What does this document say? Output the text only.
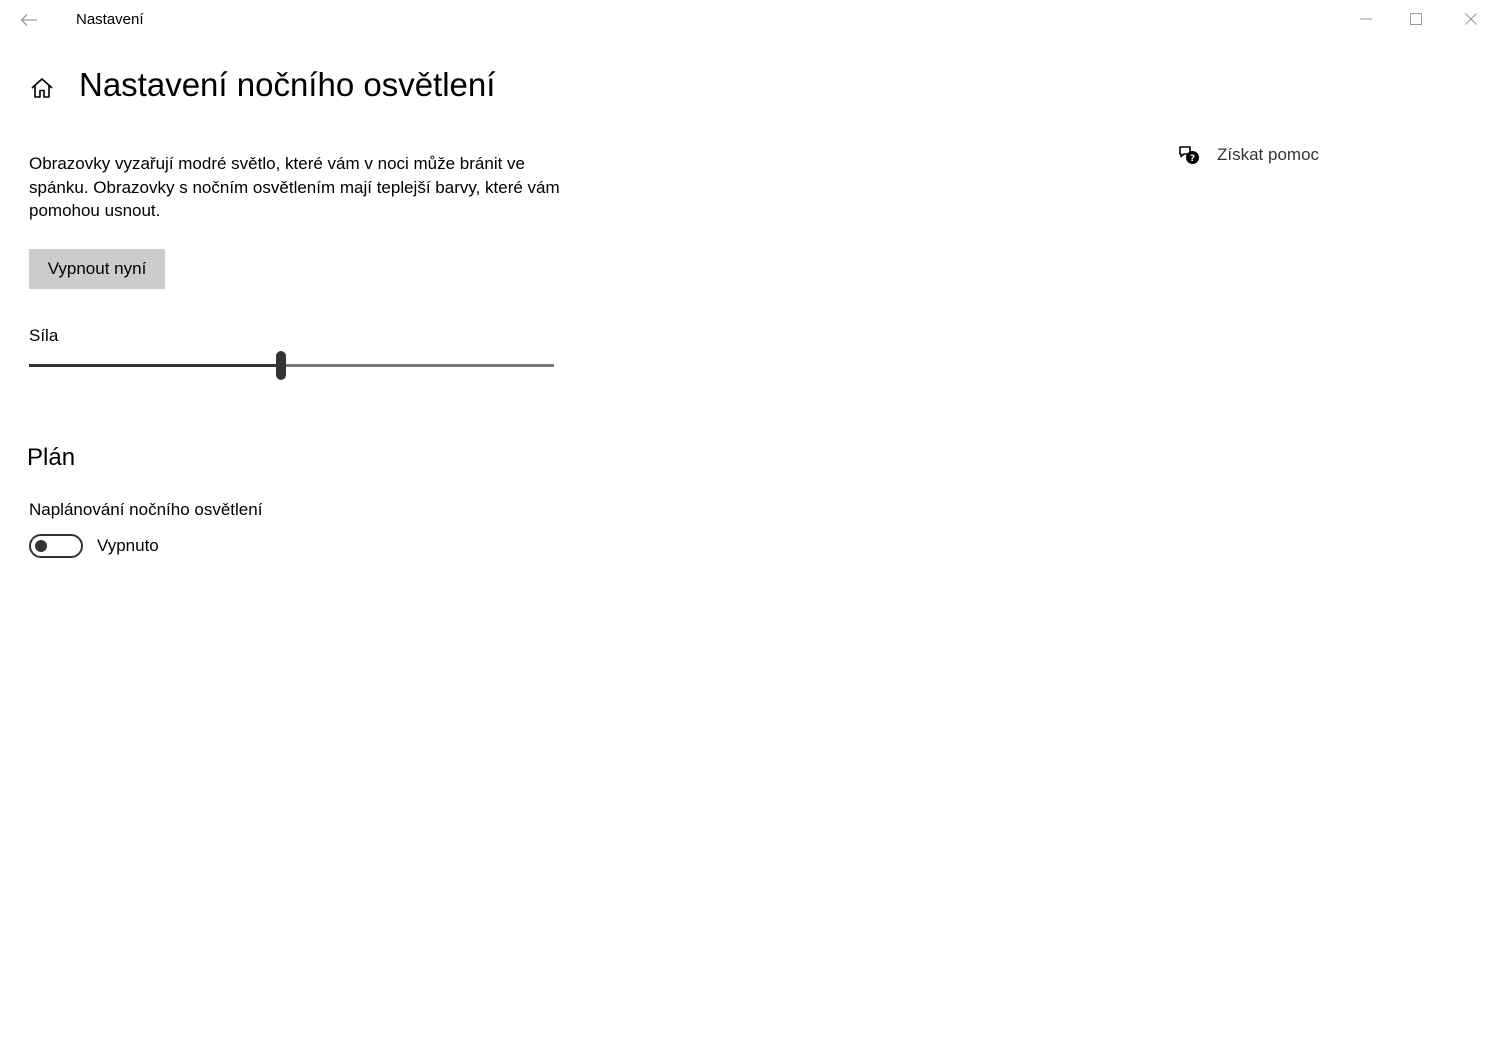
Nastavení
Nastavení nočního osvětlení

Obrazovky vyzařují modré světlo, které vám v noci může bránit ve spánku. Obrazovky s nočním osvětlením mají teplejší barvy, které vám pomohou usnout.

Vypnout nyní
Síla
Plán
Naplánování nočního osvětlení
Vypnuto
? Získat pomoc
